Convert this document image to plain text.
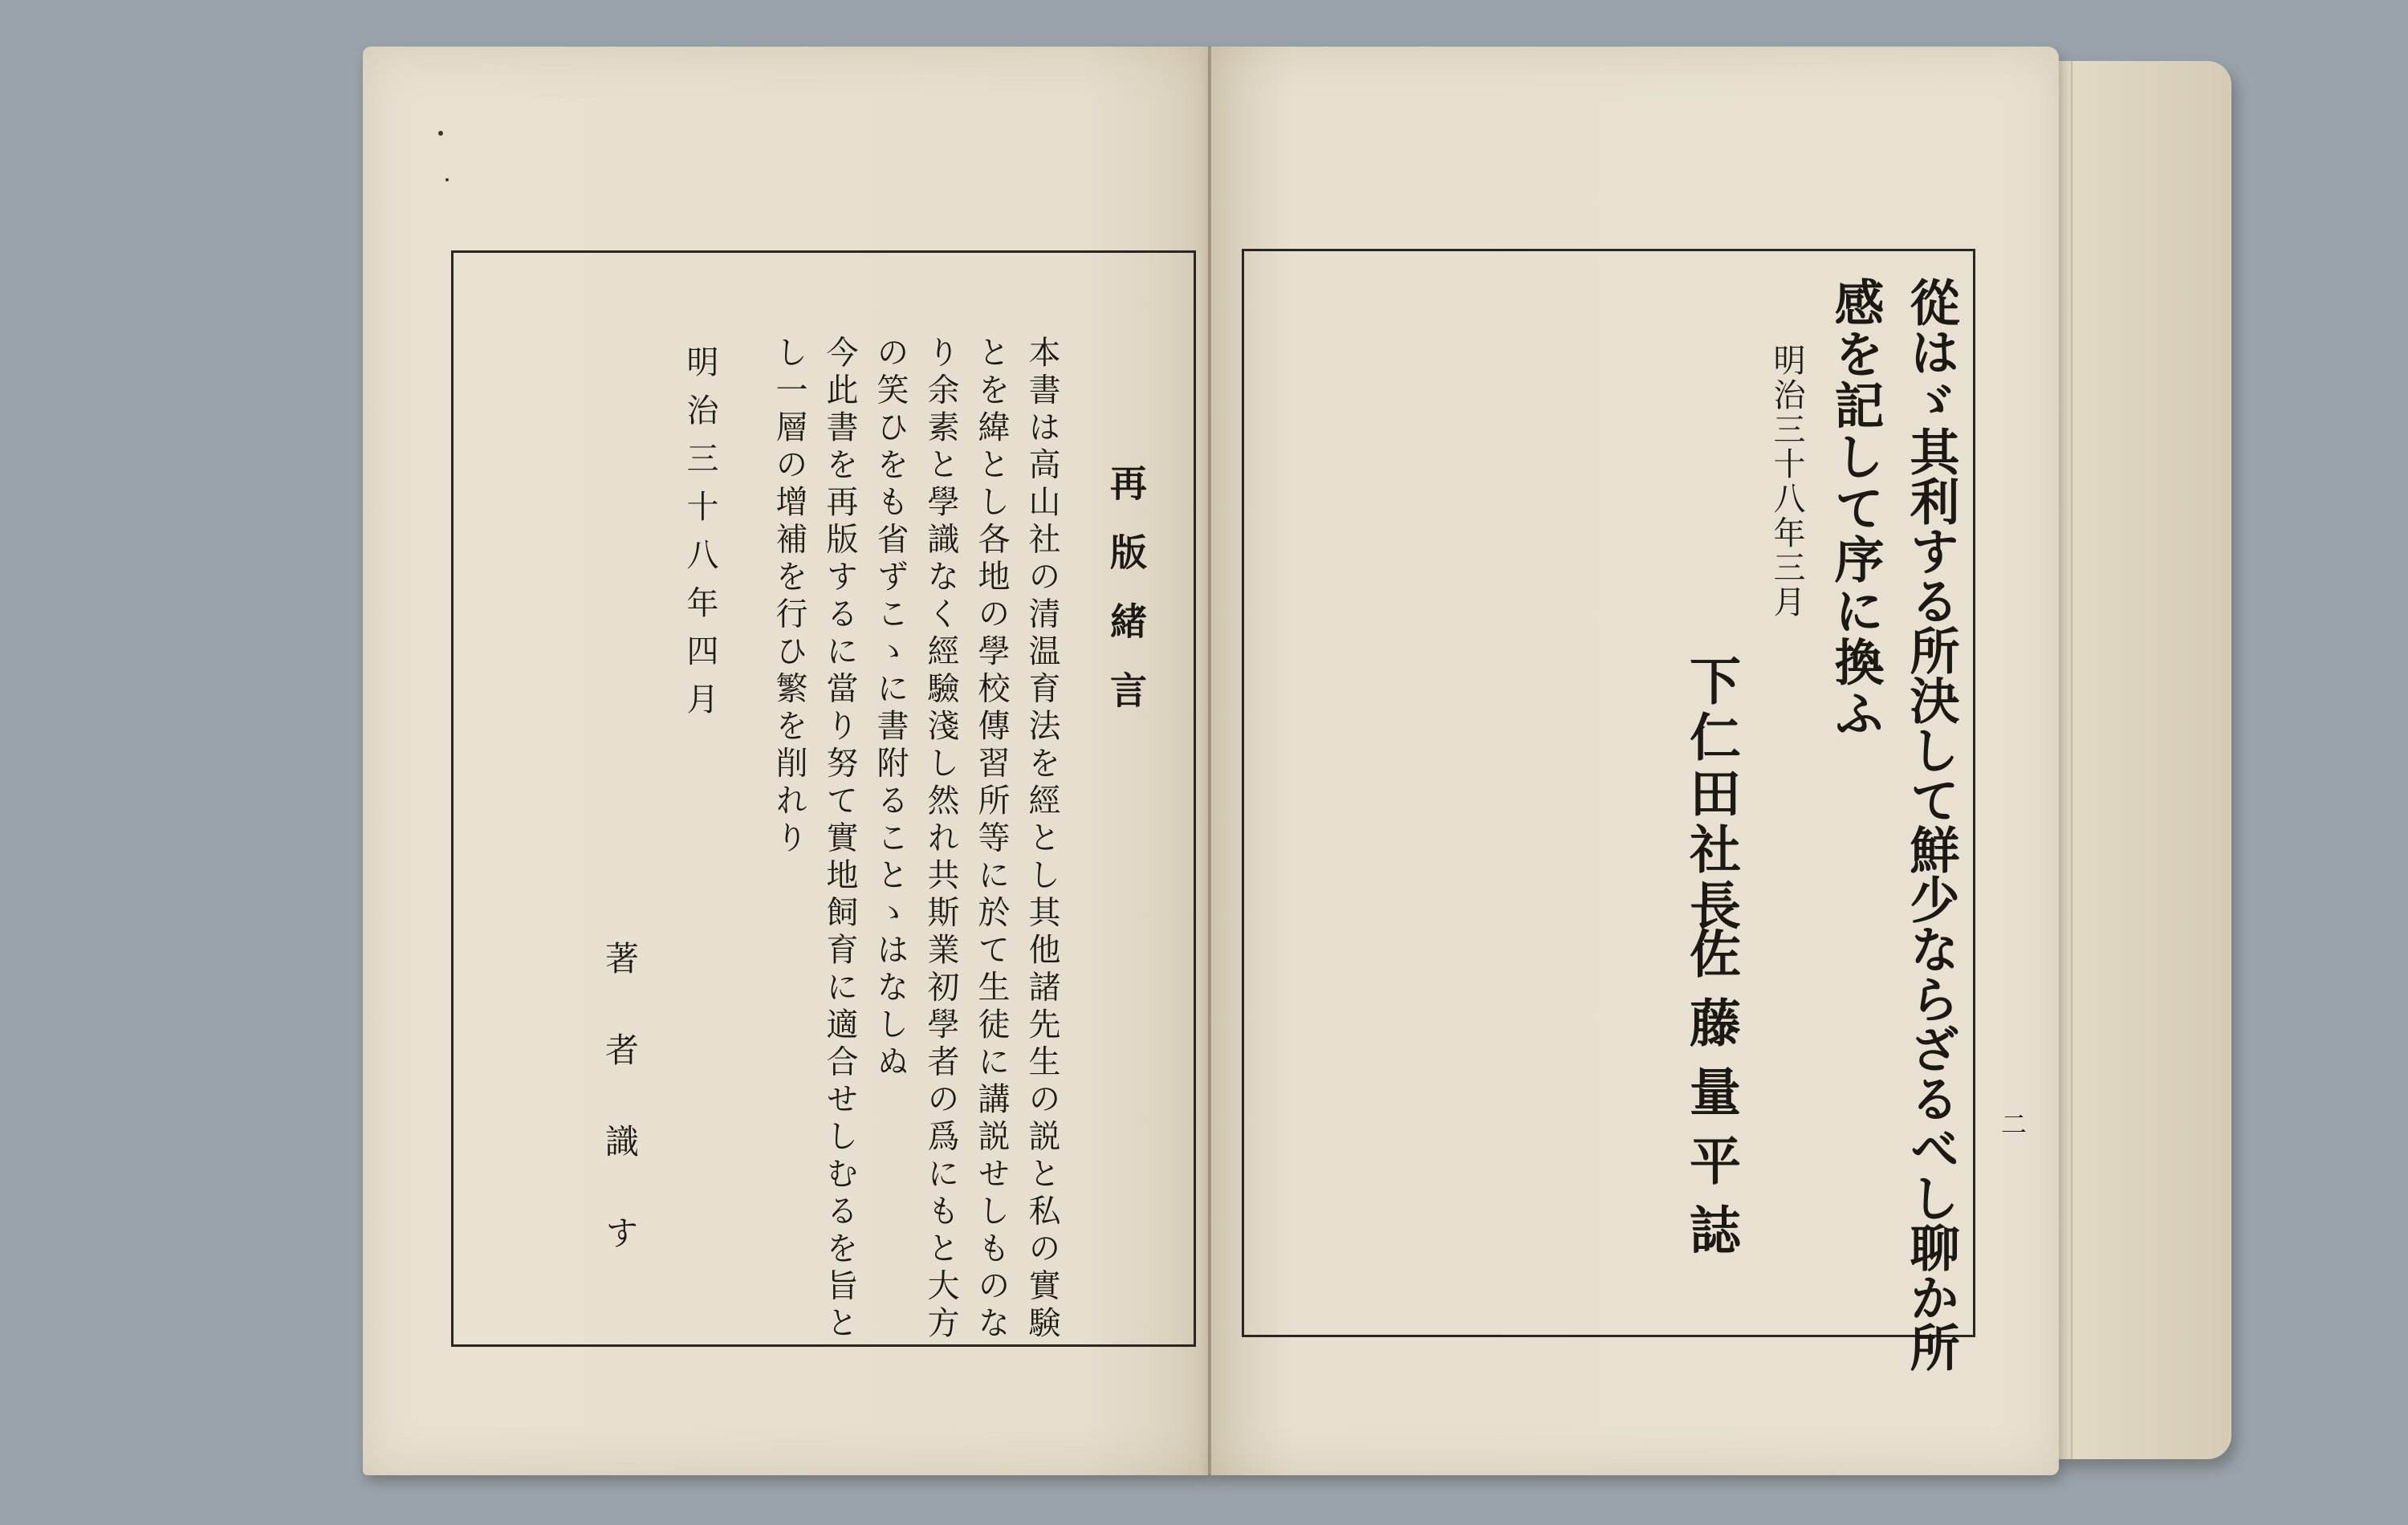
再版緒言

本書は高山社の清温育法を經とし其他諸先生の説と私の實験

とを緯とし各地の學校傳習所等に於て生徒に講説せしものな

り余素と學識なく經驗淺し然れ共斯業初學者の爲にもと大方

の笑ひをも省ずこゝに書附ることゝはなしぬ

今此書を再版するに當り努て實地飼育に適合せしむるを旨と

し一層の增補を行ひ繁を削れり

明治三十八年四月

著者識す	從はゞ其利する所決して鮮少ならざるべし聊か所

感を記して序に換ふ

明治三十八年三月

下仁田社長

佐藤量平誌	二
